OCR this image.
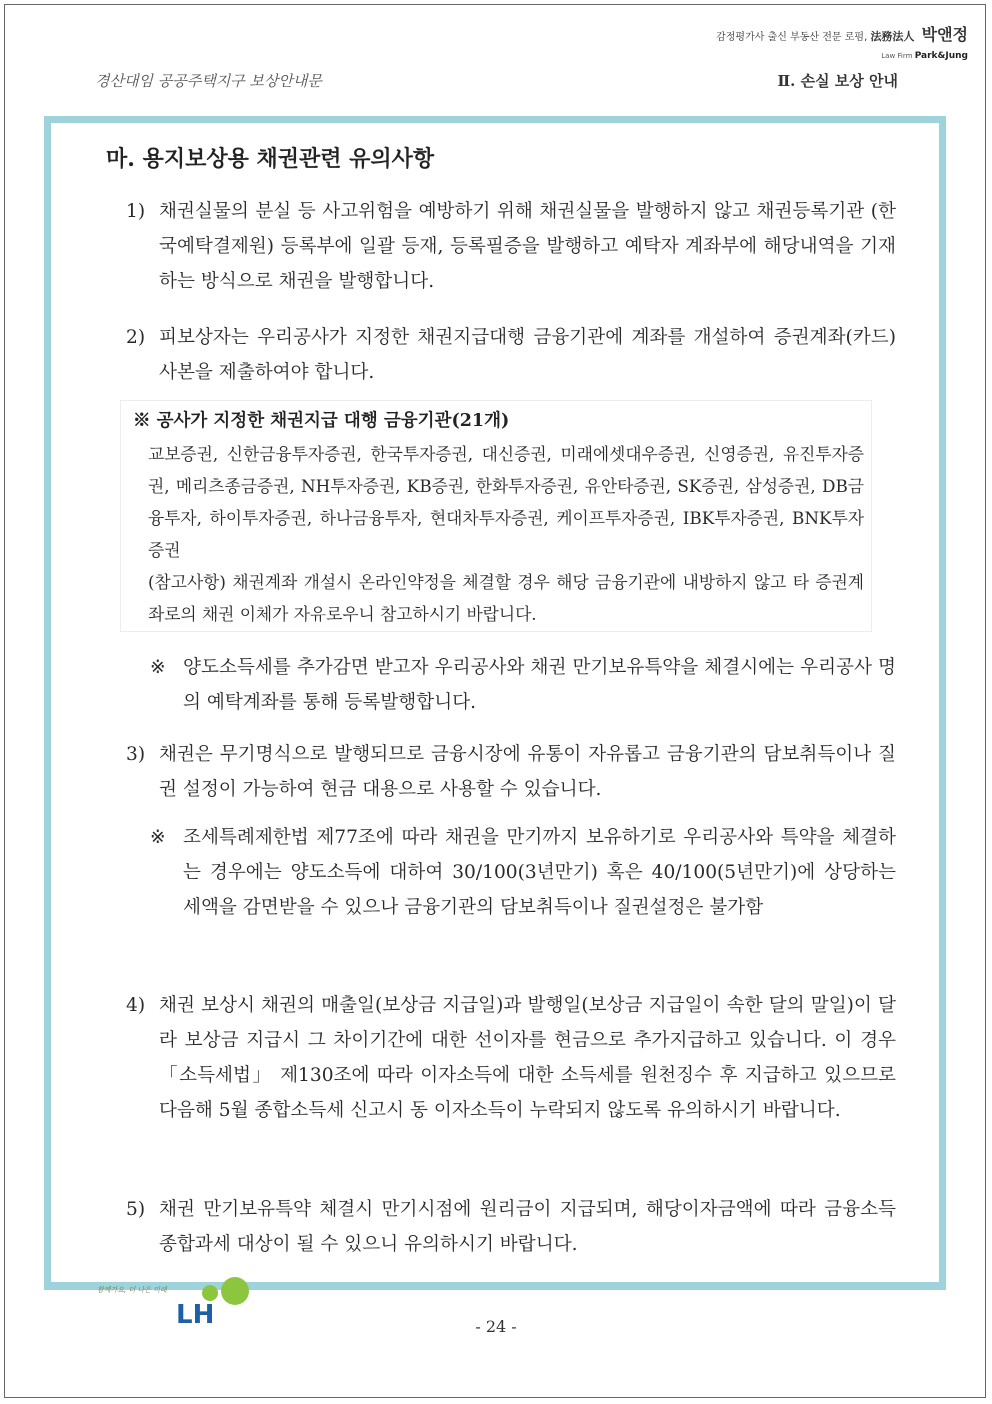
감정평가사 출신 부동산 전문 로펌, 法務法人 박앤정
Law Firm Park&Jung
경산대임 공공주택지구 보상안내문	Ⅱ. 손실 보상 안내
마. 용지보상용 채권관련 유의사항
1) 채권실물의 분실 등 사고위험을 예방하기 위해 채권실물을 발행하지 않고 채권등록기관 (한국예탁결제원) 등록부에 일괄 등재, 등록필증을 발행하고 예탁자 계좌부에 해당내역을 기재하는 방식으로 채권을 발행합니다.
2) 피보상자는 우리공사가 지정한 채권지급대행 금융기관에 계좌를 개설하여 증권계좌(카드)사본을 제출하여야 합니다.
※ 공사가 지정한 채권지급 대행 금융기관(21개)
교보증권, 신한금융투자증권, 한국투자증권, 대신증권, 미래에셋대우증권, 신영증권, 유진투자증권, 메리츠종금증권, NH투자증권, KB증권, 한화투자증권, 유안타증권, SK증권, 삼성증권, DB금융투자, 하이투자증권, 하나금융투자, 현대차투자증권, 케이프투자증권, IBK투자증권, BNK투자증권
(참고사항) 채권계좌 개설시 온라인약정을 체결할 경우 해당 금융기관에 내방하지 않고 타 증권계좌로의 채권 이체가 자유로우니 참고하시기 바랍니다.
※ 양도소득세를 추가감면 받고자 우리공사와 채권 만기보유특약을 체결시에는 우리공사 명의 예탁계좌를 통해 등록발행합니다.
3) 채권은 무기명식으로 발행되므로 금융시장에 유통이 자유롭고 금융기관의 담보취득이나 질권 설정이 가능하여 현금 대용으로 사용할 수 있습니다.
※ 조세특례제한법 제77조에 따라 채권을 만기까지 보유하기로 우리공사와 특약을 체결하는 경우에는 양도소득에 대하여 30/100(3년만기) 혹은 40/100(5년만기)에 상당하는 세액을 감면받을 수 있으나 금융기관의 담보취득이나 질권설정은 불가함
4) 채권 보상시 채권의 매출일(보상금 지급일)과 발행일(보상금 지급일이 속한 달의 말일)이 달라 보상금 지급시 그 차이기간에 대한 선이자를 현금으로 추가지급하고 있습니다. 이 경우 「소득세법」 제130조에 따라 이자소득에 대한 소득세를 원천징수 후 지급하고 있으므로 다음해 5월 종합소득세 신고시 동 이자소득이 누락되지 않도록 유의하시기 바랍니다.
5) 채권 만기보유특약 체결시 만기시점에 원리금이 지급되며, 해당이자금액에 따라 금융소득 종합과세 대상이 될 수 있으니 유의하시기 바랍니다.
함께가요, 더 나은 미래
LH	- 24 -
